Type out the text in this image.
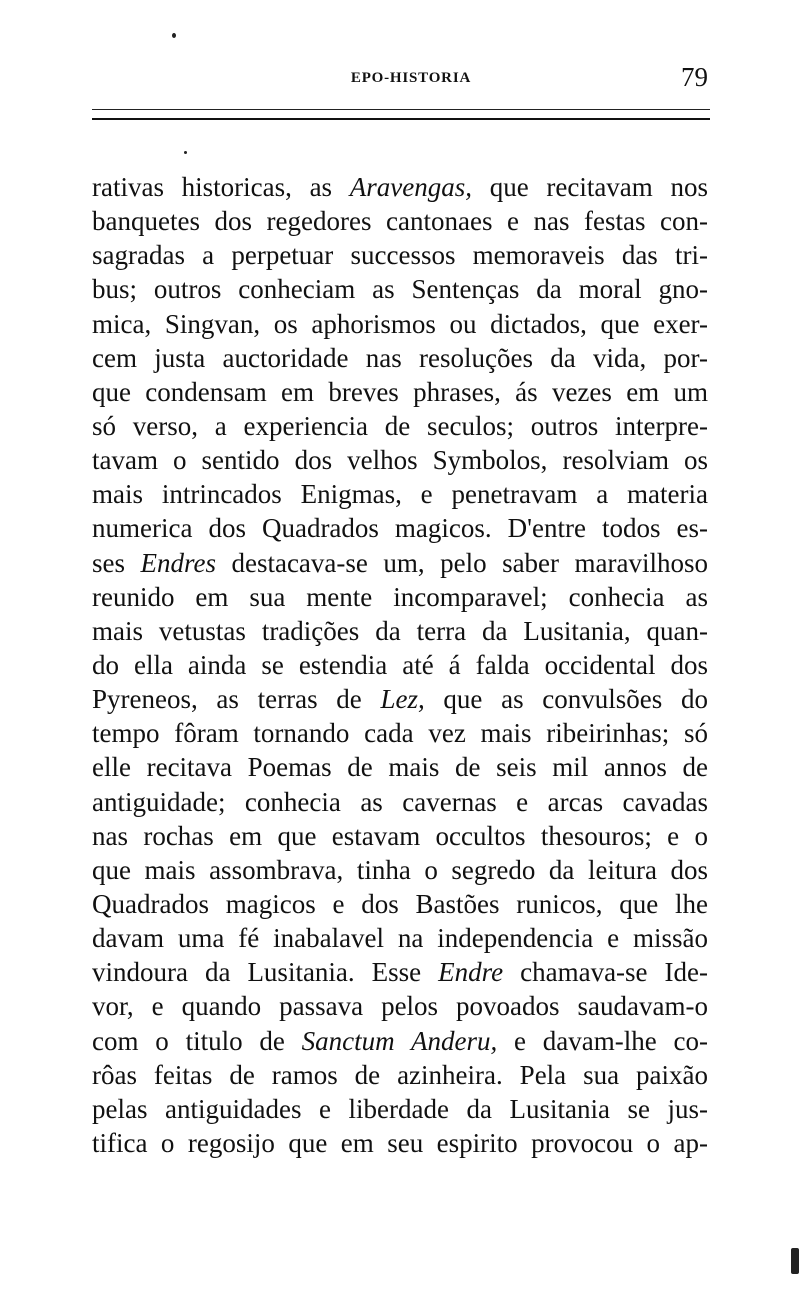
EPO-HISTORIA	79
rativas historicas, as Aravengas, que recitavam nos
banquetes dos regedores cantonaes e nas festas con-
sagradas a perpetuar successos memoraveis das tri-
bus; outros conheciam as Sentenças da moral gno-
mica, Singvan, os aphorismos ou dictados, que exer-
cem justa auctoridade nas resoluções da vida, por-
que condensam em breves phrases, ás vezes em um
só verso, a experiencia de seculos; outros interpre-
tavam o sentido dos velhos Symbolos, resolviam os
mais intrincados Enigmas, e penetravam a materia
numerica dos Quadrados magicos. D'entre todos es-
ses Endres destacava-se um, pelo saber maravilhoso
reunido em sua mente incomparavel; conhecia as
mais vetustas tradições da terra da Lusitania, quan-
do ella ainda se estendia até á falda occidental dos
Pyreneos, as terras de Lez, que as convulsões do
tempo fôram tornando cada vez mais ribeirinhas; só
elle recitava Poemas de mais de seis mil annos de
antiguidade; conhecia as cavernas e arcas cavadas
nas rochas em que estavam occultos thesouros; e o
que mais assombrava, tinha o segredo da leitura dos
Quadrados magicos e dos Bastões runicos, que lhe
davam uma fé inabalavel na independencia e missão
vindoura da Lusitania. Esse Endre chamava-se Ide-
vor, e quando passava pelos povoados saudavam-o
com o titulo de Sanctum Anderu, e davam-lhe co-
rôas feitas de ramos de azinheira. Pela sua paixão
pelas antiguidades e liberdade da Lusitania se jus-
tifica o regosijo que em seu espirito provocou o ap-
